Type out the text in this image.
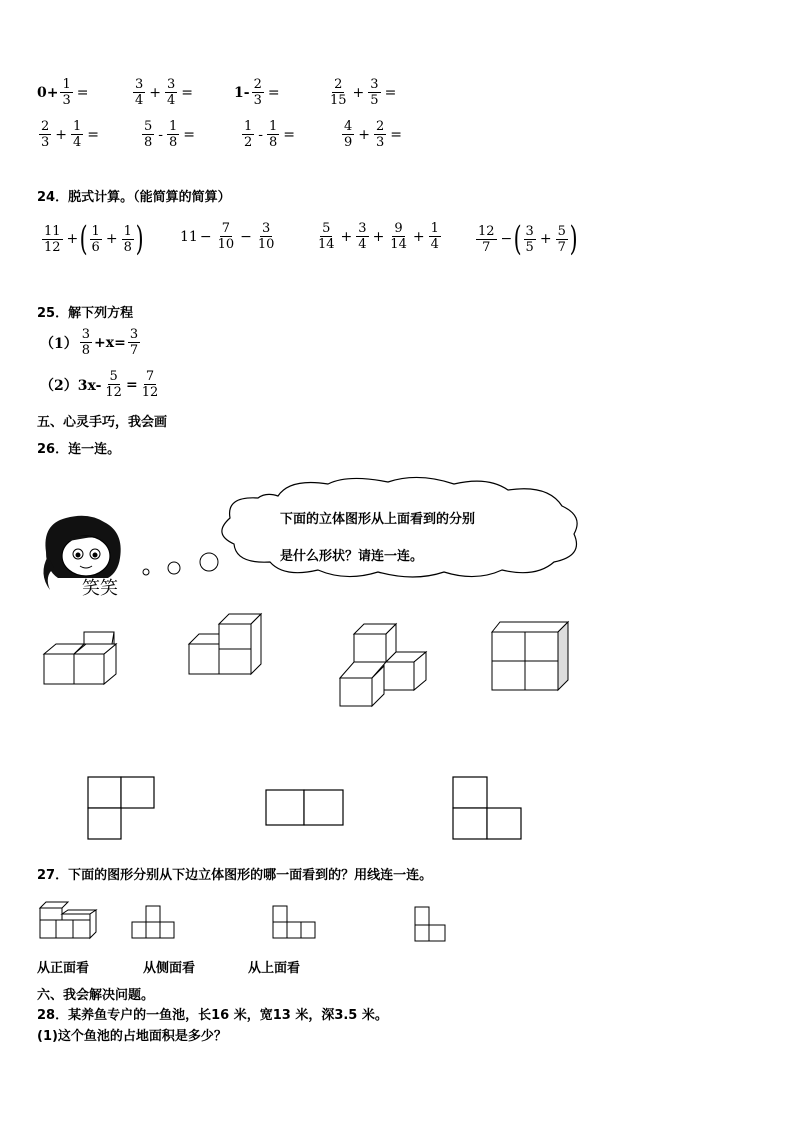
$0+ \frac{1}{3}$ =	$\frac{3}{4} + \frac{3}{4}$ =	$1- \frac{2}{3}$ =	$\frac{2}{15} + \frac{3}{5}$ =
$\frac{2}{3} + \frac{1}{4}$ =	$\frac{5}{8} - \frac{1}{8}$ =	$\frac{1}{2} - \frac{1}{8}$ =	$\frac{4}{9} + \frac{2}{3}$ =
24．脱式计算。（能简算的简算）
$\frac{11}{12}$ + ( $\frac{1}{6} + \frac{1}{8}$ )	$11 - \frac{7}{10} - \frac{3}{10}$	$\frac{5}{14} + \frac{3}{4} + \frac{9}{14} + \frac{1}{4}$	$\frac{12}{7}$ − ( $\frac{3}{5} + \frac{5}{7}$ )
25．解下列方程
$(1) \frac{3}{8} +x= \frac{3}{7}$
$(2)3x- \frac{5}{12} = \frac{7}{12}$
五、心灵手巧，我会画
26．连一连。
笑笑
下面的立体图形从上面看到的分别
是什么形状？请连一连。
27．下面的图形分别从下边立体图形的哪一面看到的？用线连一连。
从正面看	从侧面看	从上面看
六、我会解决问题。
28．某养鱼专户的一鱼池，长16 米，宽13 米，深3.5 米。
(1)这个鱼池的占地面积是多少？
